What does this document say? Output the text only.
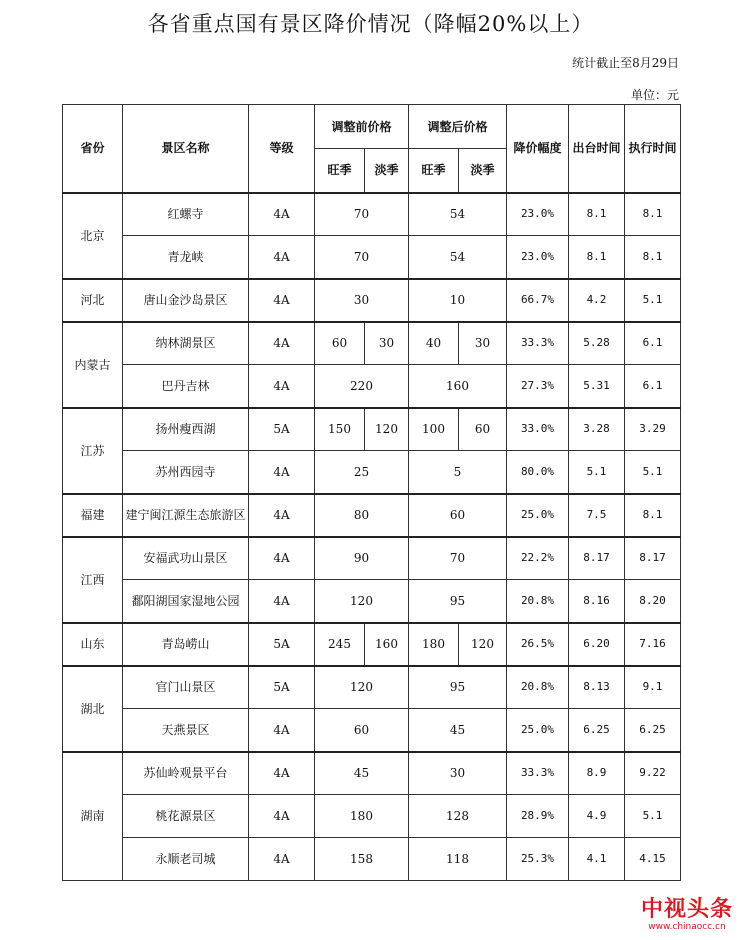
各省重点国有景区降价情况（降幅20%以上）
统计截止至8月29日
单位：元
省份	景区名称	等级	调整前价格		调整后价格		降价幅度	出台时间	执行时间
			旺季	淡季	旺季	淡季			
北京	红螺寺	4A	70		54		23.0%	8.1	8.1
	青龙峡	4A	70		54		23.0%	8.1	8.1
河北	唐山金沙岛景区	4A	30		10		66.7%	4.2	5.1
内蒙古	纳林湖景区	4A	60	30	40	30	33.3%	5.28	6.1
	巴丹吉林	4A	220		160		27.3%	5.31	6.1
江苏	扬州瘦西湖	5A	150	120	100	60	33.0%	3.28	3.29
	苏州西园寺	4A	25		5		80.0%	5.1	5.1
福建	建宁闽江源生态旅游区	4A	80		60		25.0%	7.5	8.1
江西	安福武功山景区	4A	90		70		22.2%	8.17	8.17
	鄱阳湖国家湿地公园	4A	120		95		20.8%	8.16	8.20
山东	青岛崂山	5A	245	160	180	120	26.5%	6.20	7.16
湖北	官门山景区	5A	120		95		20.8%	8.13	9.1
	天燕景区	4A	60		45		25.0%	6.25	6.25
湖南	苏仙岭观景平台	4A	45		30		33.3%	8.9	9.22
	桃花源景区	4A	180		128		28.9%	4.9	5.1
	永顺老司城	4A	158		118		25.3%	4.1	4.15
中视头条
www.chinaocc.cn
